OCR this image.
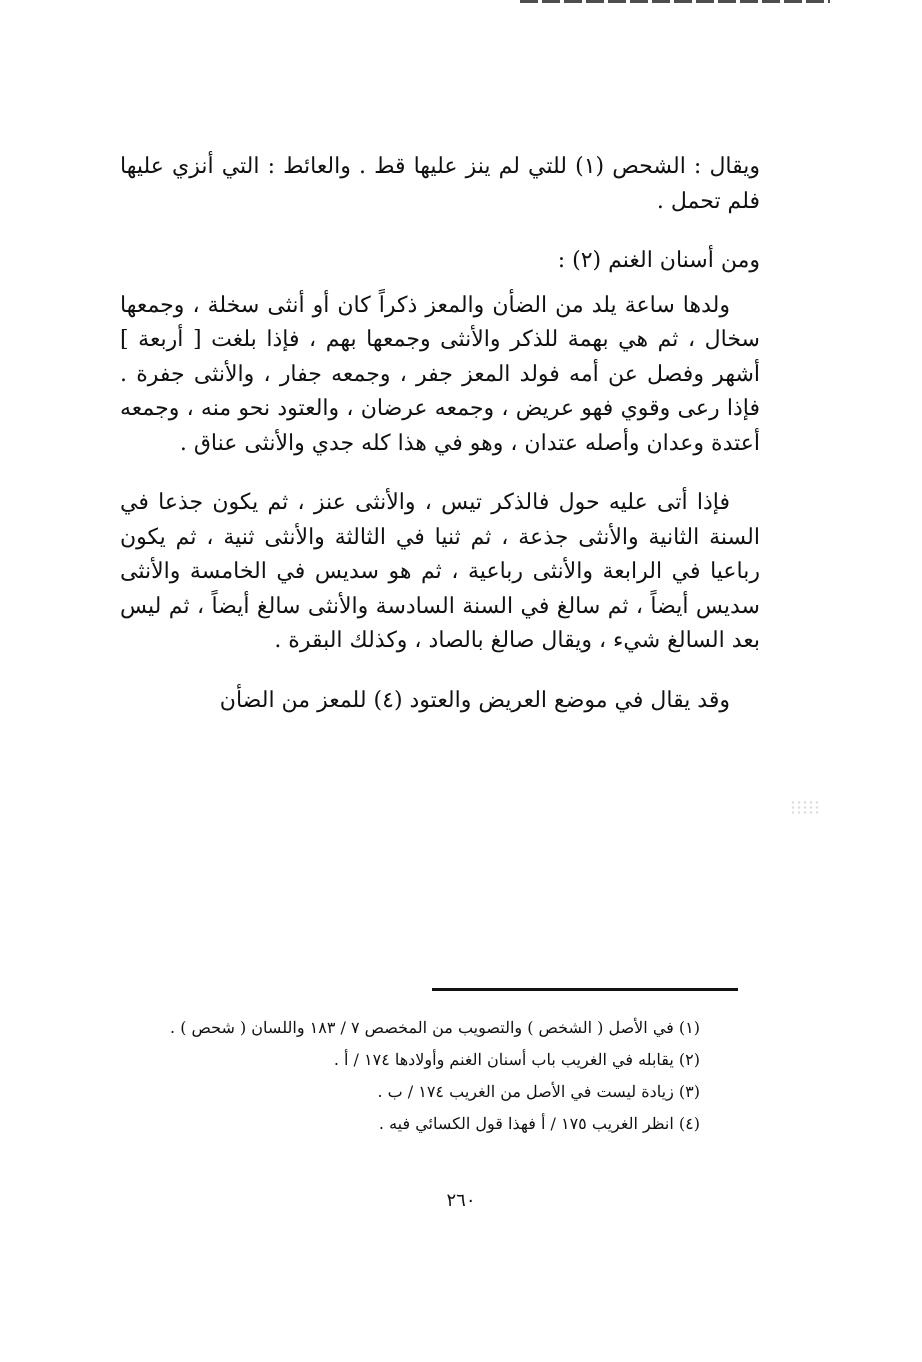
ويقال : الشحص (١) للتي لم ينز عليها قط . والعائط : التي أنزي عليها فلم تحمل .

ومن أسنان الغنم (٢) :

ولدها ساعة يلد من الضأن والمعز ذكراً كان أو أنثى سخلة ، وجمعها سخال ، ثم هي بهمة للذكر والأنثى وجمعها بهم ، فإذا بلغت [ أربعة ] أشهر وفصل عن أمه فولد المعز جفر ، وجمعه جفار ، والأنثى جفرة . فإذا رعى وقوي فهو عريض ، وجمعه عرضان ، والعتود نحو منه ، وجمعه أعتدة وعدان وأصله عتدان ، وهو في هذا كله جدي والأنثى عناق .

فإذا أتى عليه حول فالذكر تيس ، والأنثى عنز ، ثم يكون جذعا في السنة الثانية والأنثى جذعة ، ثم ثنيا في الثالثة والأنثى ثنية ، ثم يكون رباعيا في الرابعة والأنثى رباعية ، ثم هو سديس في الخامسة والأنثى سديس أيضاً ، ثم سالغ في السنة السادسة والأنثى سالغ أيضاً ، ثم ليس بعد السالغ شيء ، ويقال صالغ بالصاد ، وكذلك البقرة .

وقد يقال في موضع العريض والعتود (٤) للمعز من الضأن

(١) في الأصل ( الشخص ) والتصويب من المخصص ٧ / ١٨٣ واللسان ( شحص ) .

(٢) يقابله في الغريب باب أسنان الغنم وأولادها ١٧٤ / أ .

(٣) زيادة ليست في الأصل من الغريب ١٧٤ / ب .

(٤) انظر الغريب ١٧٥ / أ فهذا قول الكسائي فيه .

٢٦٠
